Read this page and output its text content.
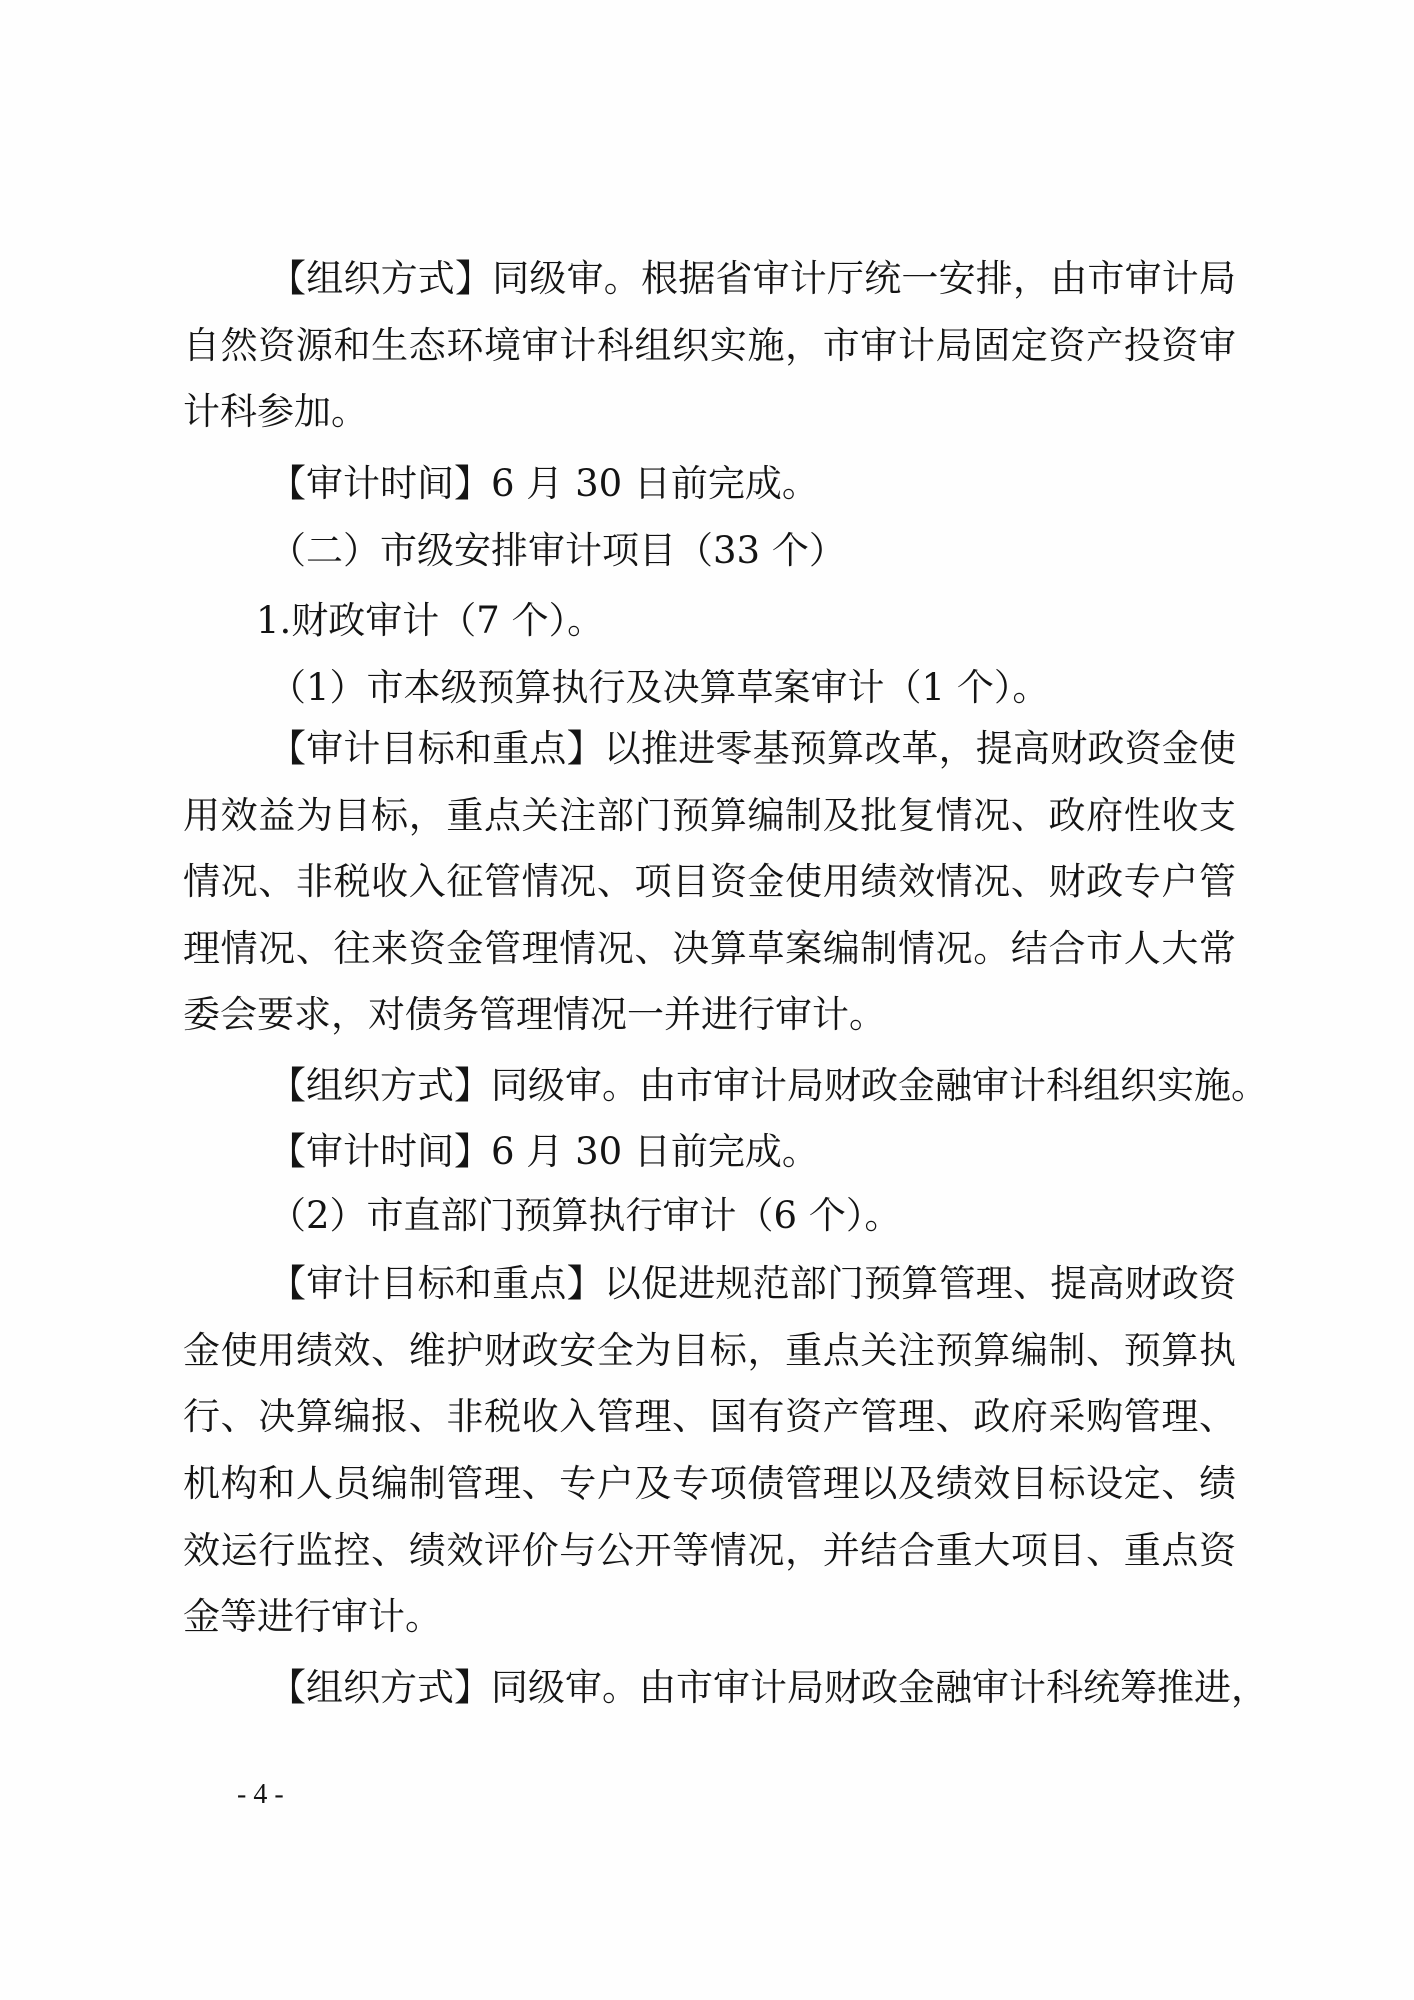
【组织方式】同级审。根据省审计厅统一安排，由市审计局
自然资源和生态环境审计科组织实施，市审计局固定资产投资审
计科参加。
【审计时间】6 月 30 日前完成。
（二）市级安排审计项目（33 个）
1.财政审计（7 个）。
（1）市本级预算执行及决算草案审计（1 个）。
【审计目标和重点】以推进零基预算改革，提高财政资金使
用效益为目标，重点关注部门预算编制及批复情况、政府性收支
情况、非税收入征管情况、项目资金使用绩效情况、财政专户管
理情况、往来资金管理情况、决算草案编制情况。结合市人大常
委会要求，对债务管理情况一并进行审计。
【组织方式】同级审。由市审计局财政金融审计科组织实施。
【审计时间】6 月 30 日前完成。
（2）市直部门预算执行审计（6 个）。
【审计目标和重点】以促进规范部门预算管理、提高财政资
金使用绩效、维护财政安全为目标，重点关注预算编制、预算执
行、决算编报、非税收入管理、国有资产管理、政府采购管理、
机构和人员编制管理、专户及专项债管理以及绩效目标设定、绩
效运行监控、绩效评价与公开等情况，并结合重大项目、重点资
金等进行审计。
【组织方式】同级审。由市审计局财政金融审计科统筹推进，
- 4 -
